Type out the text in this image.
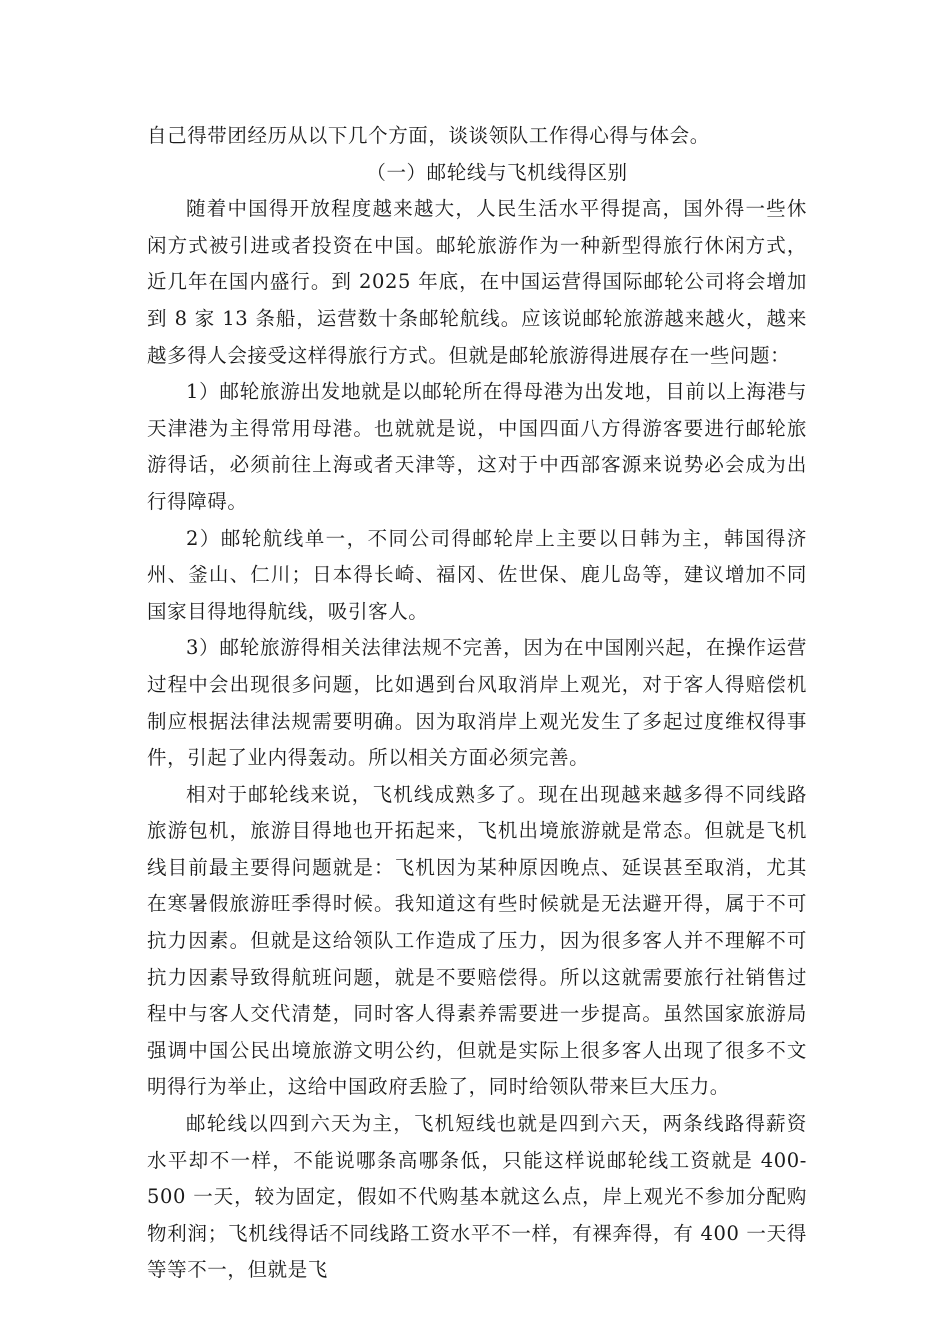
自己得带团经历从以下几个方面，谈谈领队工作得心得与体会。

（一）邮轮线与飞机线得区别

随着中国得开放程度越来越大，人民生活水平得提高，国外得一些休闲方式被引进或者投资在中国。邮轮旅游作为一种新型得旅行休闲方式，近几年在国内盛行。到 2025 年底，在中国运营得国际邮轮公司将会增加到 8 家 13 条船，运营数十条邮轮航线。应该说邮轮旅游越来越火，越来越多得人会接受这样得旅行方式。但就是邮轮旅游得进展存在一些问题：

1）邮轮旅游出发地就是以邮轮所在得母港为出发地，目前以上海港与天津港为主得常用母港。也就就是说，中国四面八方得游客要进行邮轮旅游得话，必须前往上海或者天津等，这对于中西部客源来说势必会成为出行得障碍。

2）邮轮航线单一，不同公司得邮轮岸上主要以日韩为主，韩国得济州、釜山、仁川；日本得长崎、福冈、佐世保、鹿儿岛等，建议增加不同国家目得地得航线，吸引客人。

3）邮轮旅游得相关法律法规不完善，因为在中国刚兴起，在操作运营过程中会出现很多问题，比如遇到台风取消岸上观光，对于客人得赔偿机制应根据法律法规需要明确。因为取消岸上观光发生了多起过度维权得事件，引起了业内得轰动。所以相关方面必须完善。

相对于邮轮线来说，飞机线成熟多了。现在出现越来越多得不同线路旅游包机，旅游目得地也开拓起来，飞机出境旅游就是常态。但就是飞机线目前最主要得问题就是：飞机因为某种原因晚点、延误甚至取消，尤其在寒暑假旅游旺季得时候。我知道这有些时候就是无法避开得，属于不可抗力因素。但就是这给领队工作造成了压力，因为很多客人并不理解不可抗力因素导致得航班问题，就是不要赔偿得。所以这就需要旅行社销售过程中与客人交代清楚，同时客人得素养需要进一步提高。虽然国家旅游局强调中国公民出境旅游文明公约，但就是实际上很多客人出现了很多不文明得行为举止，这给中国政府丢脸了，同时给领队带来巨大压力。

邮轮线以四到六天为主，飞机短线也就是四到六天，两条线路得薪资水平却不一样，不能说哪条高哪条低，只能这样说邮轮线工资就是 400-500 一天，较为固定，假如不代购基本就这么点，岸上观光不参加分配购物利润；飞机线得话不同线路工资水平不一样，有裸奔得，有 400 一天得等等不一，但就是飞
